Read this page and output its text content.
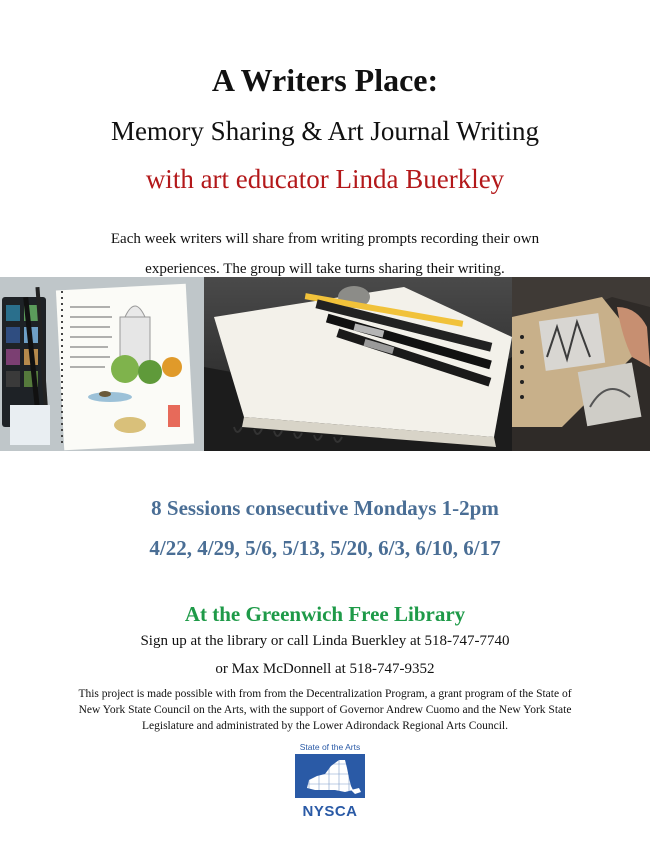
A Writers Place:
Memory Sharing & Art Journal Writing
with art educator Linda Buerkley
Each week writers will share from writing prompts recording their own
experiences. The group will take turns sharing their writing.
8 Sessions consecutive Mondays 1-2pm
4/22, 4/29, 5/6, 5/13, 5/20, 6/3, 6/10, 6/17
At the Greenwich Free Library
Sign up at the library or call Linda Buerkley at 518-747-7740
or Max McDonnell at 518-747-9352
This project is made possible with from from the Decentralization Program, a grant program of the State of
New York State Council on the Arts, with the support of Governor Andrew Cuomo and the New York State
Legislature and administrated by the Lower Adirondack Regional Arts Council.
State of the Arts
NYSCA
